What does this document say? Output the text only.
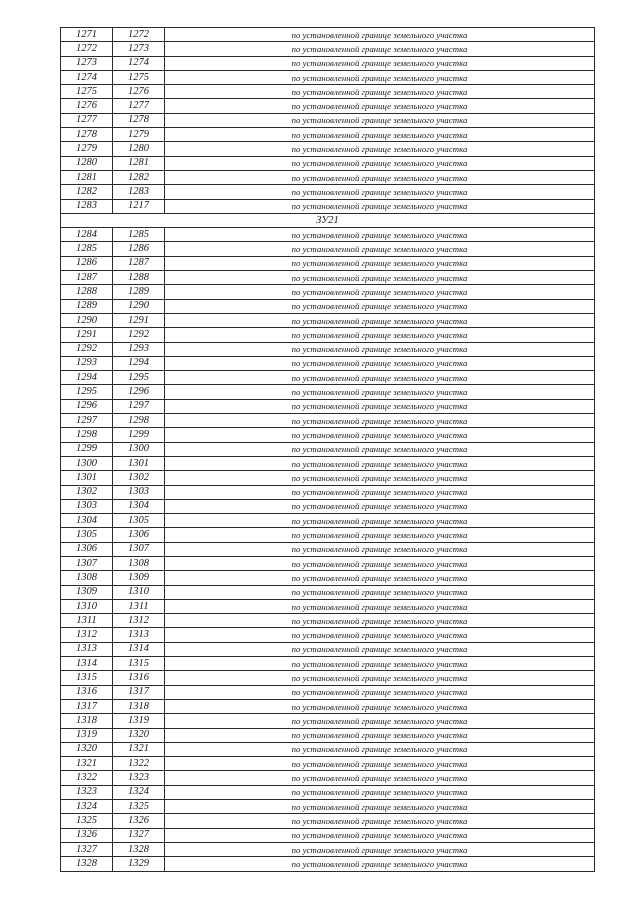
1271	1272	по установленной границе земельного участка
1272	1273	по установленной границе земельного участка
1273	1274	по установленной границе земельного участка
1274	1275	по установленной границе земельного участка
1275	1276	по установленной границе земельного участка
1276	1277	по установленной границе земельного участка
1277	1278	по установленной границе земельного участка
1278	1279	по установленной границе земельного участка
1279	1280	по установленной границе земельного участка
1280	1281	по установленной границе земельного участка
1281	1282	по установленной границе земельного участка
1282	1283	по установленной границе земельного участка
1283	1217	по установленной границе земельного участка
ЗУ21		
1284	1285	по установленной границе земельного участка
1285	1286	по установленной границе земельного участка
1286	1287	по установленной границе земельного участка
1287	1288	по установленной границе земельного участка
1288	1289	по установленной границе земельного участка
1289	1290	по установленной границе земельного участка
1290	1291	по установленной границе земельного участка
1291	1292	по установленной границе земельного участка
1292	1293	по установленной границе земельного участка
1293	1294	по установленной границе земельного участка
1294	1295	по установленной границе земельного участка
1295	1296	по установленной границе земельного участка
1296	1297	по установленной границе земельного участка
1297	1298	по установленной границе земельного участка
1298	1299	по установленной границе земельного участка
1299	1300	по установленной границе земельного участка
1300	1301	по установленной границе земельного участка
1301	1302	по установленной границе земельного участка
1302	1303	по установленной границе земельного участка
1303	1304	по установленной границе земельного участка
1304	1305	по установленной границе земельного участка
1305	1306	по установленной границе земельного участка
1306	1307	по установленной границе земельного участка
1307	1308	по установленной границе земельного участка
1308	1309	по установленной границе земельного участка
1309	1310	по установленной границе земельного участка
1310	1311	по установленной границе земельного участка
1311	1312	по установленной границе земельного участка
1312	1313	по установленной границе земельного участка
1313	1314	по установленной границе земельного участка
1314	1315	по установленной границе земельного участка
1315	1316	по установленной границе земельного участка
1316	1317	по установленной границе земельного участка
1317	1318	по установленной границе земельного участка
1318	1319	по установленной границе земельного участка
1319	1320	по установленной границе земельного участка
1320	1321	по установленной границе земельного участка
1321	1322	по установленной границе земельного участка
1322	1323	по установленной границе земельного участка
1323	1324	по установленной границе земельного участка
1324	1325	по установленной границе земельного участка
1325	1326	по установленной границе земельного участка
1326	1327	по установленной границе земельного участка
1327	1328	по установленной границе земельного участка
1328	1329	по установленной границе земельного участка
